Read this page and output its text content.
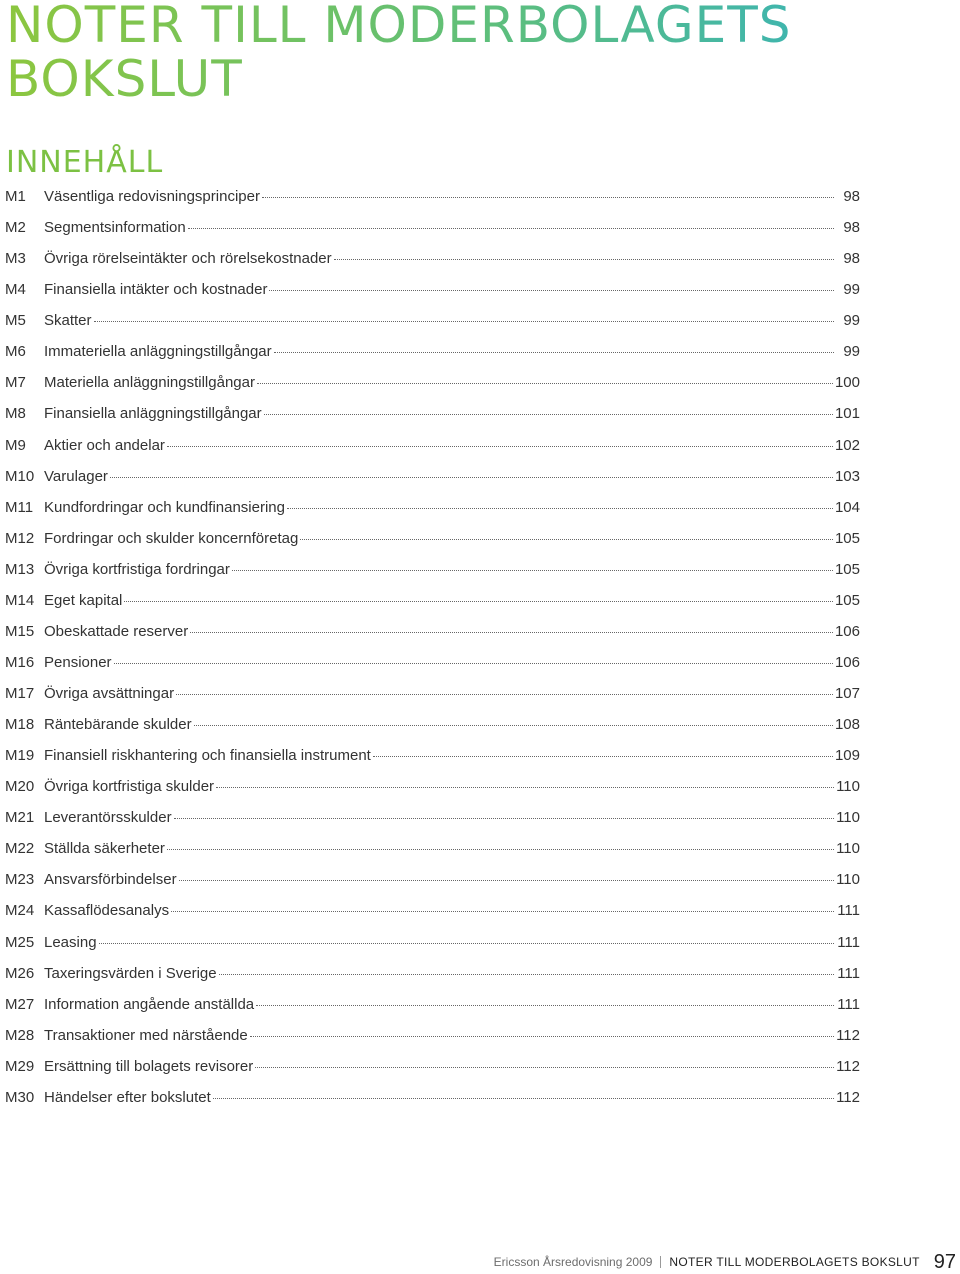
NOTER TILL MODERBOLAGETS BOKSLUT
INNEHÅLL
M1	Väsentliga redovisningsprinciper	98
M2	Segmentsinformation	98
M3	Övriga rörelseintäkter och rörelsekostnader	98
M4	Finansiella intäkter och kostnader	99
M5	Skatter	99
M6	Immateriella anläggningstillgångar	99
M7	Materiella anläggningstillgångar	100
M8	Finansiella anläggningstillgångar	101
M9	Aktier och andelar	102
M10 Varulager	103
M11 Kundfordringar och kundfinansiering	104
M12 Fordringar och skulder koncernföretag	105
M13 Övriga kortfristiga fordringar	105
M14 Eget kapital	105
M15 Obeskattade reserver	106
M16 Pensioner	106
M17 Övriga avsättningar	107
M18 Räntebärande skulder	108
M19 Finansiell riskhantering och finansiella instrument	109
M20 Övriga kortfristiga skulder	110
M21 Leverantörsskulder	110
M22 Ställda säkerheter	110
M23 Ansvarsförbindelser	110
M24 Kassaflödesanalys	111
M25 Leasing	111
M26 Taxeringsvärden i Sverige	111
M27 Information angående anställda	111
M28 Transaktioner med närstående	112
M29 Ersättning till bolagets revisorer	112
M30 Händelser efter bokslutet	112
Ericsson Årsredovisning 2009 NOTER TILL MODERBOLAGETS BOKSLUT 97
